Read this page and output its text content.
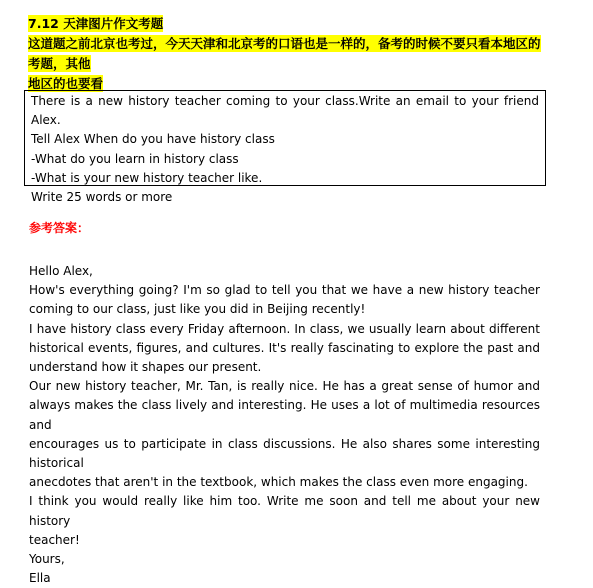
7.12 天津图片作文考题
这道题之前北京也考过，今天天津和北京考的口语也是一样的，备考的时候不要只看本地区的考题，其他
地区的也要看
There is a new history teacher coming to your class.Write an email to your friend Alex.
Tell Alex When do you have history class
-What do you learn in history class
-What is your new history teacher like.
Write 25 words or more
参考答案：
Hello Alex,
How's everything going? I'm so glad to tell you that we have a new history teacher
coming to our class, just like you did in Beijing recently!
I have history class every Friday afternoon. In class, we usually learn about different
historical events, figures, and cultures. It's really fascinating to explore the past and
understand how it shapes our present.
Our new history teacher, Mr. Tan, is really nice. He has a great sense of humor and
always makes the class lively and interesting. He uses a lot of multimedia resources and
encourages us to participate in class discussions. He also shares some interesting historical
anecdotes that aren't in the textbook, which makes the class even more engaging.
I think you would really like him too. Write me soon and tell me about your new history
teacher!
Yours,
Ella
